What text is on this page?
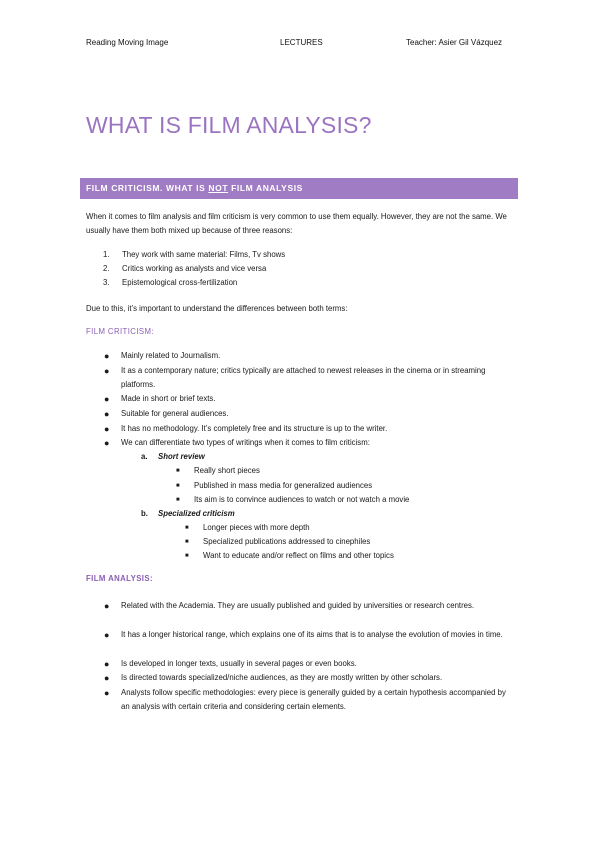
Reading Moving Image	LECTURES	Teacher: Asier Gil Vázquez
WHAT IS FILM ANALYSIS?
FILM CRITICISM. WHAT IS NOT FILM ANALYSIS
When it comes to film analysis and film criticism is very common to use them equally. However, they are not the same. We usually have them both mixed up because of three reasons:
1.	They work with same material: Films, Tv shows
2.	Critics working as analysts and vice versa
3.	Epistemological cross-fertilization
Due to this, it’s important to understand the differences between both terms:
FILM CRITICISM:
● Mainly related to Journalism.
● It as a contemporary nature; critics typically are attached to newest releases in the cinema or in streaming platforms.
● Made in short or brief texts.
● Suitable for general audiences.
● It has no methodology. It’s completely free and its structure is up to the writer.
● We can differentiate two types of writings when it comes to film criticism:
a. Short review
■ Really short pieces
■ Published in mass media for generalized audiences
■ Its aim is to convince audiences to watch or not watch a movie
b. Specialized criticism
■ Longer pieces with more depth
■ Specialized publications addressed to cinephiles
■ Want to educate and/or reflect on films and other topics
FILM ANALYSIS:
● Related with the Academia. They are usually published and guided by universities or research centres.
● It has a longer historical range, which explains one of its aims that is to analyse the evolution of movies in time.
● Is developed in longer texts, usually in several pages or even books.
● Is directed towards specialized/niche audiences, as they are mostly written by other scholars.
● Analysts follow specific methodologies: every piece is generally guided by a certain hypothesis accompanied by an analysis with certain criteria and considering certain elements.
